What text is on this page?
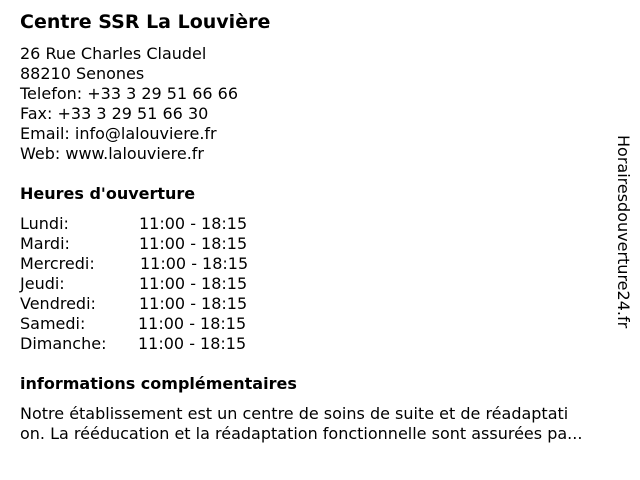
Centre SSR La Louvière
26 Rue Charles Claudel
88210 Senones
Telefon: +33 3 29 51 66 66
Fax: +33 3 29 51 66 30
Email: info@lalouviere.fr
Web: www.lalouviere.fr
Heures d'ouverture
Lundi:	11:00 - 18:15
Mardi:	11:00 - 18:15
Mercredi:	11:00 - 18:15
Jeudi:	11:00 - 18:15
Vendredi:	11:00 - 18:15
Samedi:	11:00 - 18:15
Dimanche: 11:00 - 18:15
informations complémentaires
Notre établissement est un centre de soins de suite et de réadaptati
on. La rééducation et la réadaptation fonctionnelle sont assurées pa...
Horairesdouverture24.fr
